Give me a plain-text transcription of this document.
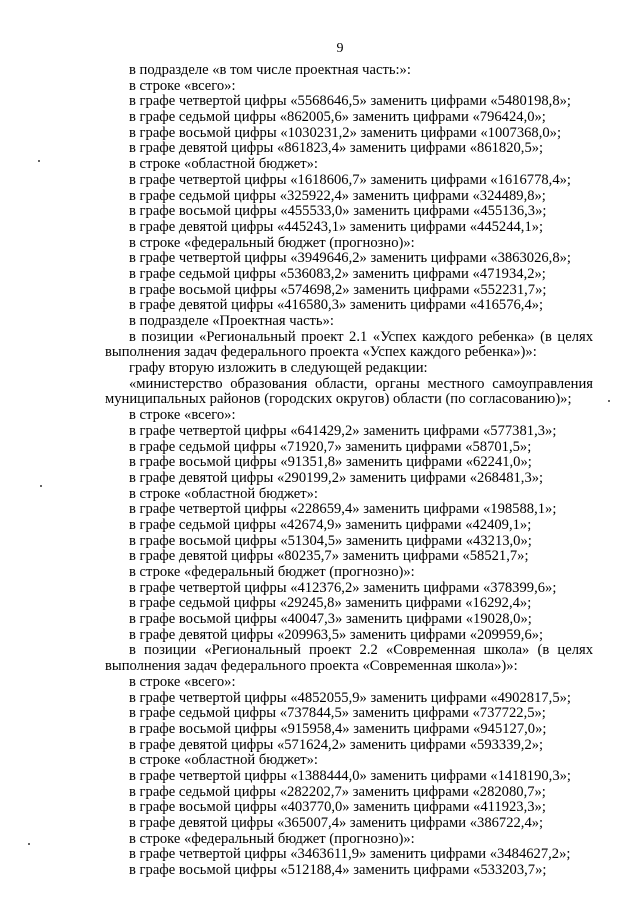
9
в подразделе «в том числе проектная часть:»:
в строке «всего»:
в графе четвертой цифры «5568646,5» заменить цифрами «5480198,8»;
в графе седьмой цифры «862005,6» заменить цифрами «796424,0»;
в графе восьмой цифры «1030231,2» заменить цифрами «1007368,0»;
в графе девятой цифры «861823,4» заменить цифрами «861820,5»;
в строке «областной бюджет»:
в графе четвертой цифры «1618606,7» заменить цифрами «1616778,4»;
в графе седьмой цифры «325922,4» заменить цифрами «324489,8»;
в графе восьмой цифры «455533,0» заменить цифрами «455136,3»;
в графе девятой цифры «445243,1» заменить цифрами «445244,1»;
в строке «федеральный бюджет (прогнозно)»:
в графе четвертой цифры «3949646,2» заменить цифрами «3863026,8»;
в графе седьмой цифры «536083,2» заменить цифрами «471934,2»;
в графе восьмой цифры «574698,2» заменить цифрами «552231,7»;
в графе девятой цифры «416580,3» заменить цифрами «416576,4»;
в подразделе «Проектная часть»:
в позиции «Региональный проект 2.1 «Успех каждого ребенка» (в целях
выполнения задач федерального проекта «Успех каждого ребенка»)»:
графу вторую изложить в следующей редакции:
«министерство образования области, органы местного самоуправления
муниципальных районов (городских округов) области (по согласованию)»;
в строке «всего»:
в графе четвертой цифры «641429,2» заменить цифрами «577381,3»;
в графе седьмой цифры «71920,7» заменить цифрами «58701,5»;
в графе восьмой цифры «91351,8» заменить цифрами «62241,0»;
в графе девятой цифры «290199,2» заменить цифрами «268481,3»;
в строке «областной бюджет»:
в графе четвертой цифры «228659,4» заменить цифрами «198588,1»;
в графе седьмой цифры «42674,9» заменить цифрами «42409,1»;
в графе восьмой цифры «51304,5» заменить цифрами «43213,0»;
в графе девятой цифры «80235,7» заменить цифрами «58521,7»;
в строке «федеральный бюджет (прогнозно)»:
в графе четвертой цифры «412376,2» заменить цифрами «378399,6»;
в графе седьмой цифры «29245,8» заменить цифрами «16292,4»;
в графе восьмой цифры «40047,3» заменить цифрами «19028,0»;
в графе девятой цифры «209963,5» заменить цифрами «209959,6»;
в позиции «Региональный проект 2.2 «Современная школа» (в целях
выполнения задач федерального проекта «Современная школа»)»:
в строке «всего»:
в графе четвертой цифры «4852055,9» заменить цифрами «4902817,5»;
в графе седьмой цифры «737844,5» заменить цифрами «737722,5»;
в графе восьмой цифры «915958,4» заменить цифрами «945127,0»;
в графе девятой цифры «571624,2» заменить цифрами «593339,2»;
в строке «областной бюджет»:
в графе четвертой цифры «1388444,0» заменить цифрами «1418190,3»;
в графе седьмой цифры «282202,7» заменить цифрами «282080,7»;
в графе восьмой цифры «403770,0» заменить цифрами «411923,3»;
в графе девятой цифры «365007,4» заменить цифрами «386722,4»;
в строке «федеральный бюджет (прогнозно)»:
в графе четвертой цифры «3463611,9» заменить цифрами «3484627,2»;
в графе восьмой цифры «512188,4» заменить цифрами «533203,7»;
